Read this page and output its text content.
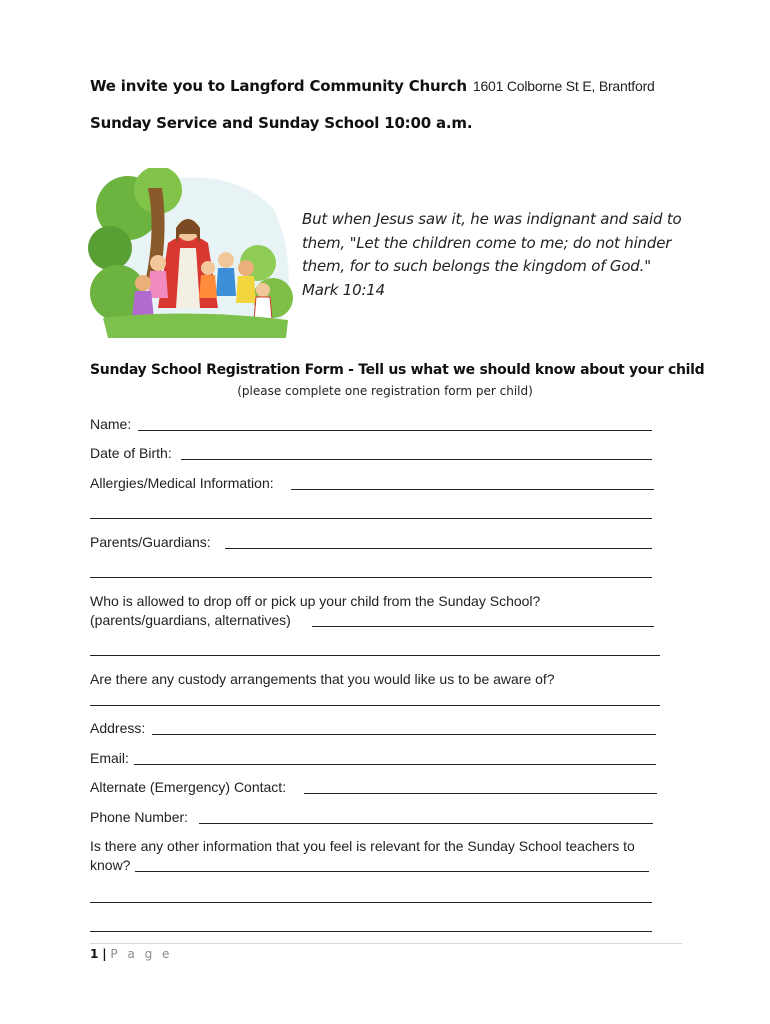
We invite you to Langford Community Church 1601 Colborne St E, Brantford
Sunday Service and Sunday School 10:00 a.m.
But when Jesus saw it, he was indignant and said to
them, "Let the children come to me; do not hinder
them, for to such belongs the kingdom of God."
Mark 10:14
Sunday School Registration Form - Tell us what we should know about your child
(please complete one registration form per child)
Name:
Date of Birth:
Allergies/Medical Information:
Parents/Guardians:
Who is allowed to drop off or pick up your child from the Sunday School?
(parents/guardians, alternatives)
Are there any custody arrangements that you would like us to be aware of?
Address:
Email:
Alternate (Emergency) Contact:
Phone Number:
Is there any other information that you feel is relevant for the Sunday School teachers to
know?
1 | P a g e
